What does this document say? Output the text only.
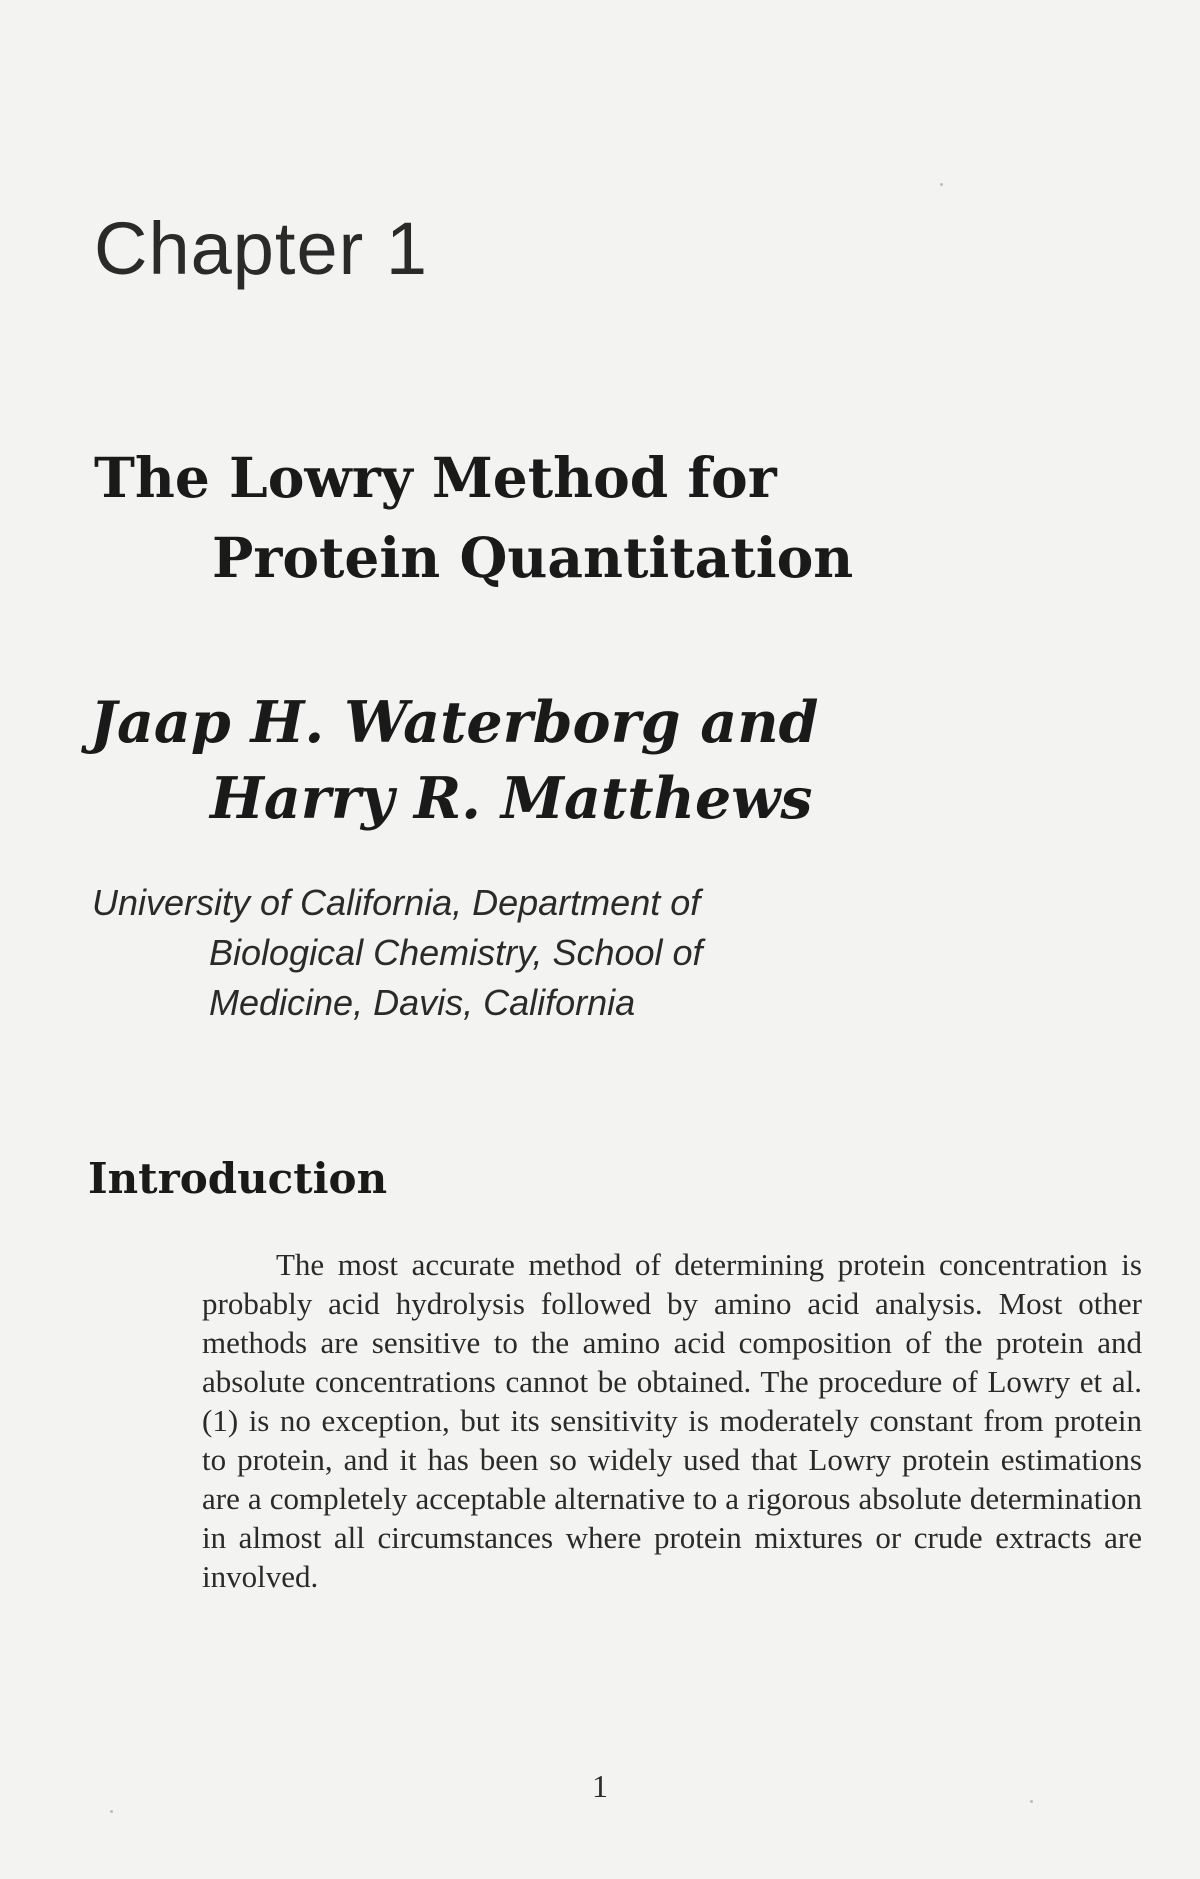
Chapter 1
The Lowry Method for
Protein Quantitation
Jaap H. Waterborg and
Harry R. Matthews

University of California, Department of
Biological Chemistry, School of
Medicine, Davis, California

Introduction

The most accurate method of determining protein concentration is probably acid hydrolysis followed by amino acid analysis. Most other methods are sensitive to the amino acid composition of the protein and absolute concentrations cannot be obtained. The procedure of Lowry et al. (1) is no exception, but its sensitivity is moderately constant from protein to protein, and it has been so widely used that Lowry protein estimations are a completely acceptable alternative to a rigorous absolute determination in almost all circumstances where protein mixtures or crude extracts are involved.

1
